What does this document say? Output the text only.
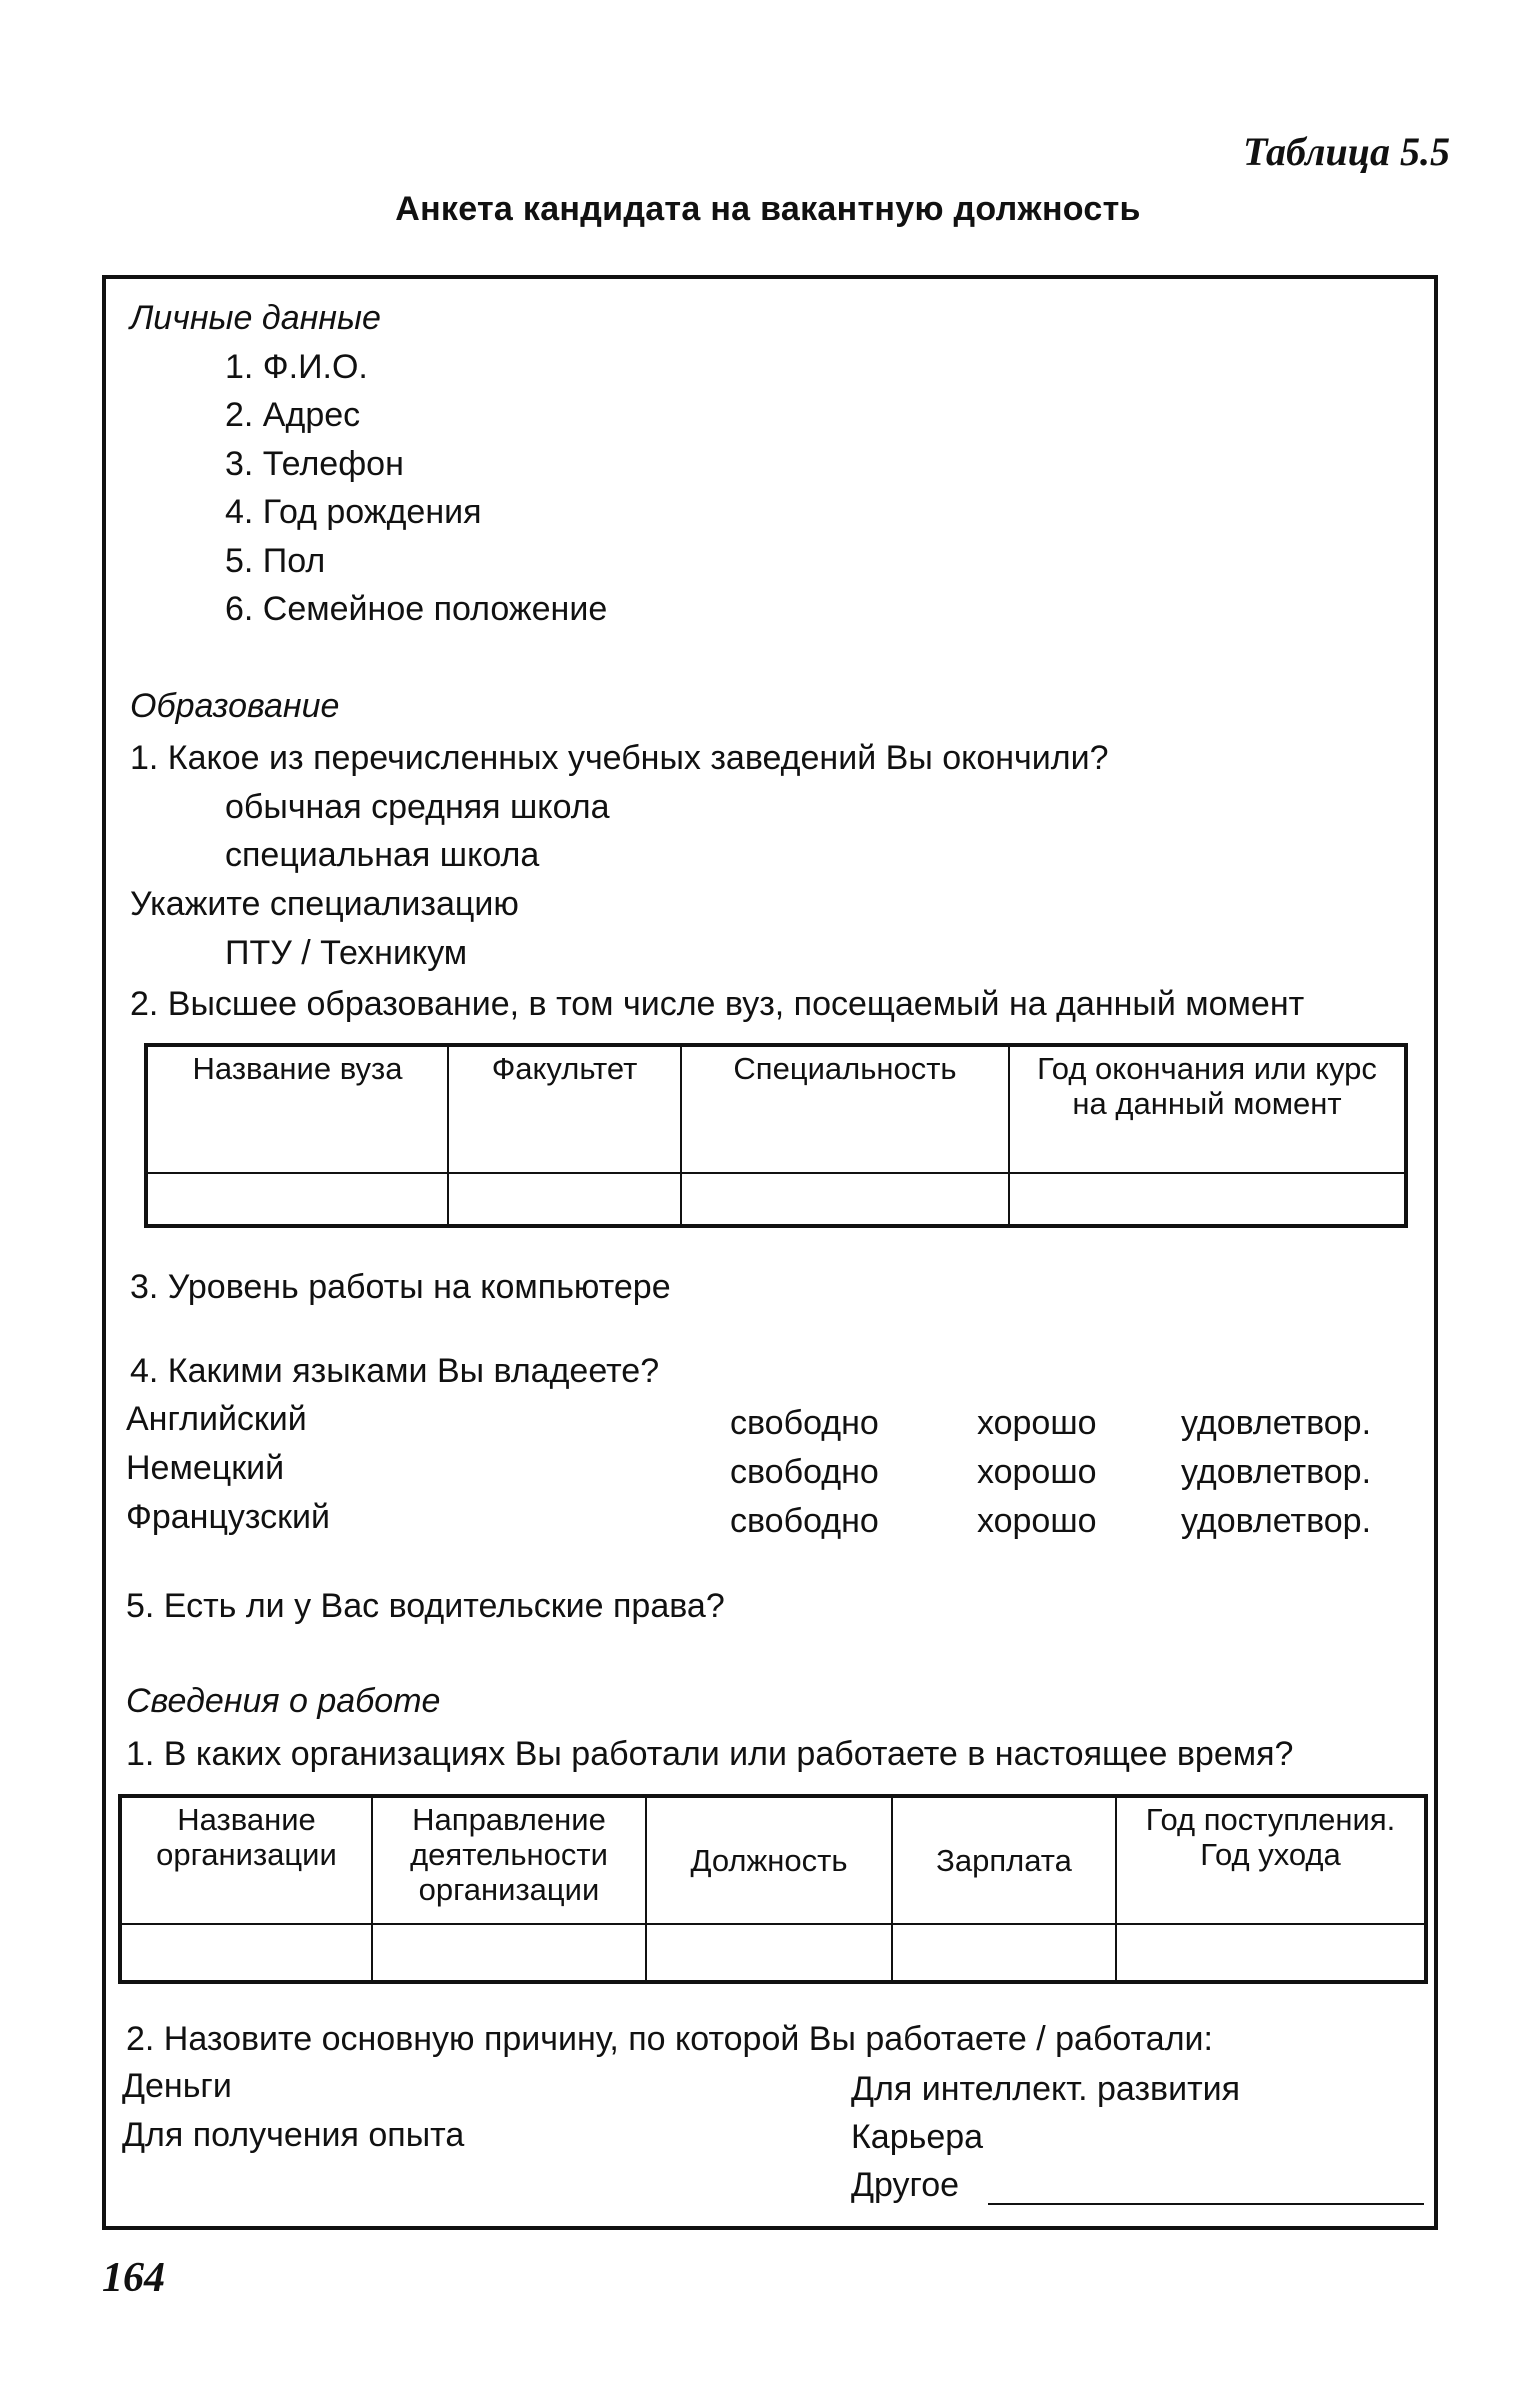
Таблица 5.5
Анкета кандидата на вакантную должность
Личные данные
1. Ф.И.О.
2. Адрес
3. Телефон
4. Год рождения
5. Пол
6. Семейное положение
Образование
1. Какое из перечисленных учебных заведений Вы окончили?
обычная средняя школа
специальная школа
Укажите специализацию
ПТУ / Техникум
2. Высшее образование, в том числе вуз, посещаемый на данный момент
Название вуза	Факультет	Специальность	Год окончания или курс на данный момент

3. Уровень работы на компьютере
4. Какими языками Вы владеете?
Английский	свободно	хорошо удовлетвор.
Немецкий	свободно	хорошо удовлетвор.
Французский	свободно	хорошо удовлетвор.
5. Есть ли у Вас водительские права?
Сведения о работе
1. В каких организациях Вы работали или работаете в настоящее время?
Название организации	Направление деятельности организации	Должность	Зарплата	Год поступления. Год ухода

2. Назовите основную причину, по которой Вы работаете / работали:
Деньги
Для получения опыта
Для интеллект. развития
Карьера
Другое
164
